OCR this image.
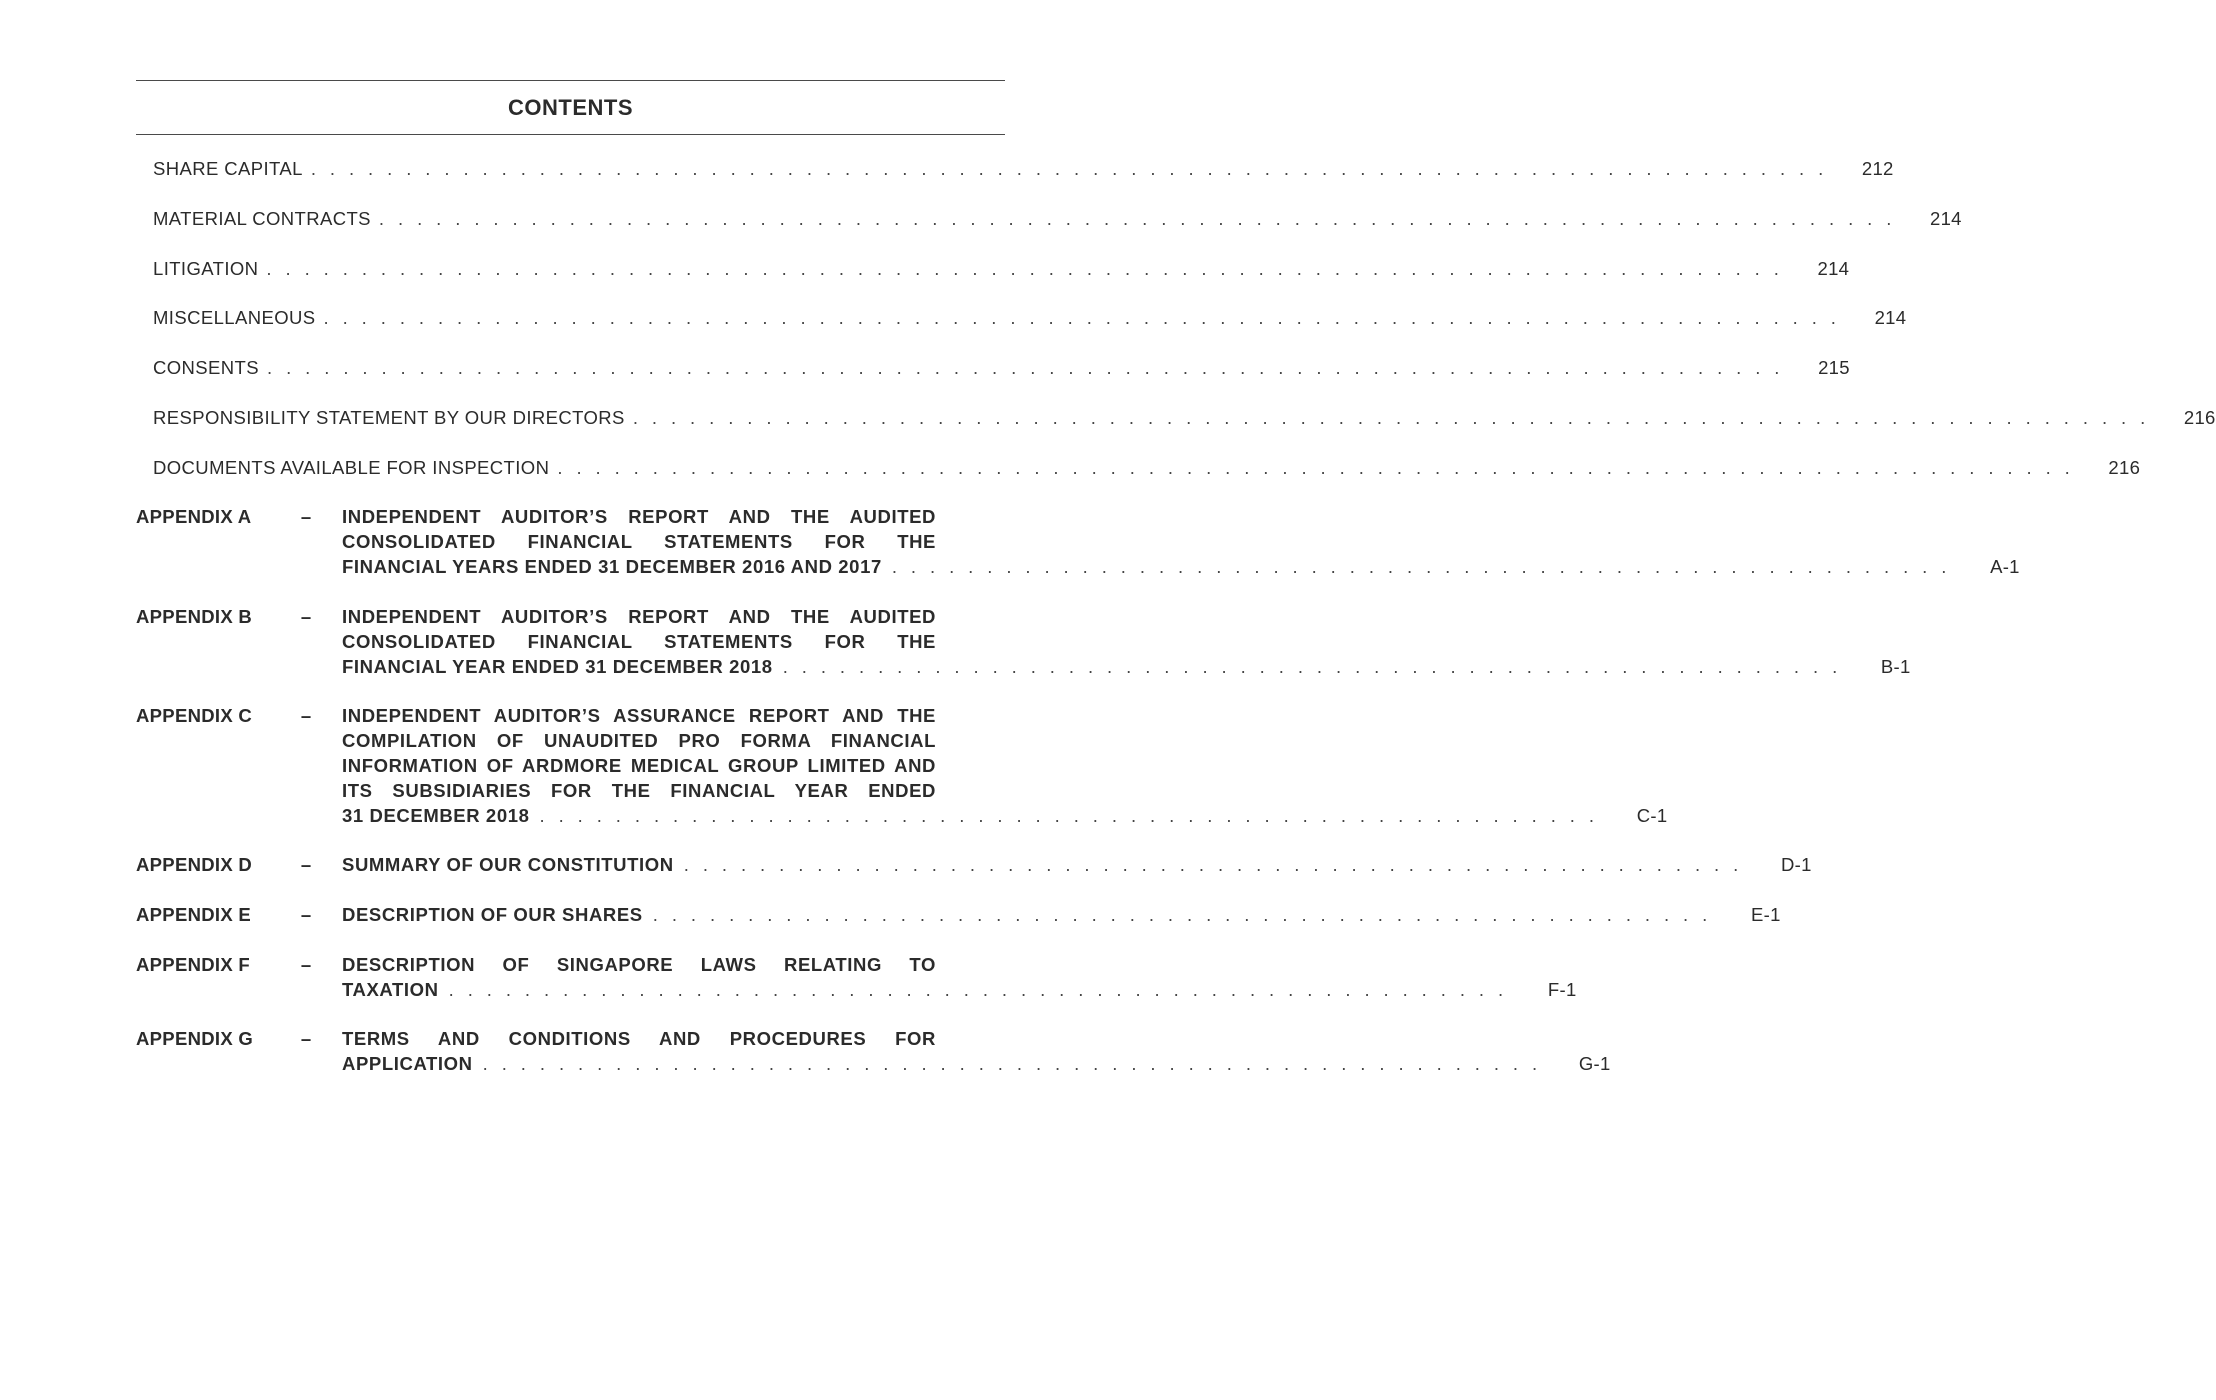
CONTENTS
SHARE CAPITAL . . . . . . . . . . . . . . . . . . . . . . . . . . . . . . . . . . . . . . . . . . . . . . . . . . . . . . . . . . . . . . . . . . . . . . . . . . . . . . . .	212
MATERIAL CONTRACTS . . . . . . . . . . . . . . . . . . . . . . . . . . . . . . . . . . . . . . . . . . . . . . . . . . . . . . . . . . . . . . . . . . . . . . . . . . . . . . . .	214
LITIGATION . . . . . . . . . . . . . . . . . . . . . . . . . . . . . . . . . . . . . . . . . . . . . . . . . . . . . . . . . . . . . . . . . . . . . . . . . . . . . . . .	214
MISCELLANEOUS . . . . . . . . . . . . . . . . . . . . . . . . . . . . . . . . . . . . . . . . . . . . . . . . . . . . . . . . . . . . . . . . . . . . . . . . . . . . . . . .	214
CONSENTS . . . . . . . . . . . . . . . . . . . . . . . . . . . . . . . . . . . . . . . . . . . . . . . . . . . . . . . . . . . . . . . . . . . . . . . . . . . . . . . .	215
RESPONSIBILITY STATEMENT BY OUR DIRECTORS . . . . . . . . . . . . . . . . . . . . . . . . . . . . . . . . . . . . . . . . . . . . . . . . . . . . . . . . . . . . . . . . . . . . . . . . . . . . . . . .	216
DOCUMENTS AVAILABLE FOR INSPECTION . . . . . . . . . . . . . . . . . . . . . . . . . . . . . . . . . . . . . . . . . . . . . . . . . . . . . . . . . . . . . . . . . . . . . . . . . . . . . . . .	216
APPENDIX A	– INDEPENDENT AUDITOR’S REPORT AND THE AUDITED
CONSOLIDATED FINANCIAL STATEMENTS FOR THE
FINANCIAL YEARS ENDED 31 DECEMBER 2016 AND 2017 . . . . . . . . . . . . . . . . . . . . . . . . . . . . . . . . . . . . . . . . . . . . . . . . . . . . . . . .	A-1
APPENDIX B	– INDEPENDENT AUDITOR’S REPORT AND THE AUDITED
CONSOLIDATED FINANCIAL STATEMENTS FOR THE
FINANCIAL YEAR ENDED 31 DECEMBER 2018 . . . . . . . . . . . . . . . . . . . . . . . . . . . . . . . . . . . . . . . . . . . . . . . . . . . . . . . .	B-1
APPENDIX C	– INDEPENDENT AUDITOR’S ASSURANCE REPORT AND THE
COMPILATION OF UNAUDITED PRO FORMA FINANCIAL
INFORMATION OF ARDMORE MEDICAL GROUP LIMITED AND
ITS SUBSIDIARIES FOR THE FINANCIAL YEAR ENDED
31 DECEMBER 2018 . . . . . . . . . . . . . . . . . . . . . . . . . . . . . . . . . . . . . . . . . . . . . . . . . . . . . . . .	C-1
APPENDIX D	– SUMMARY OF OUR CONSTITUTION . . . . . . . . . . . . . . . . . . . . . . . . . . . . . . . . . . . . . . . . . . . . . . . . . . . . . . . .	D-1
APPENDIX E	– DESCRIPTION OF OUR SHARES . . . . . . . . . . . . . . . . . . . . . . . . . . . . . . . . . . . . . . . . . . . . . . . . . . . . . . . .	E-1
APPENDIX F	– DESCRIPTION OF SINGAPORE LAWS RELATING TO
TAXATION . . . . . . . . . . . . . . . . . . . . . . . . . . . . . . . . . . . . . . . . . . . . . . . . . . . . . . . .	F-1
APPENDIX G	– TERMS AND CONDITIONS AND PROCEDURES FOR
APPLICATION . . . . . . . . . . . . . . . . . . . . . . . . . . . . . . . . . . . . . . . . . . . . . . . . . . . . . . . .	G-1
